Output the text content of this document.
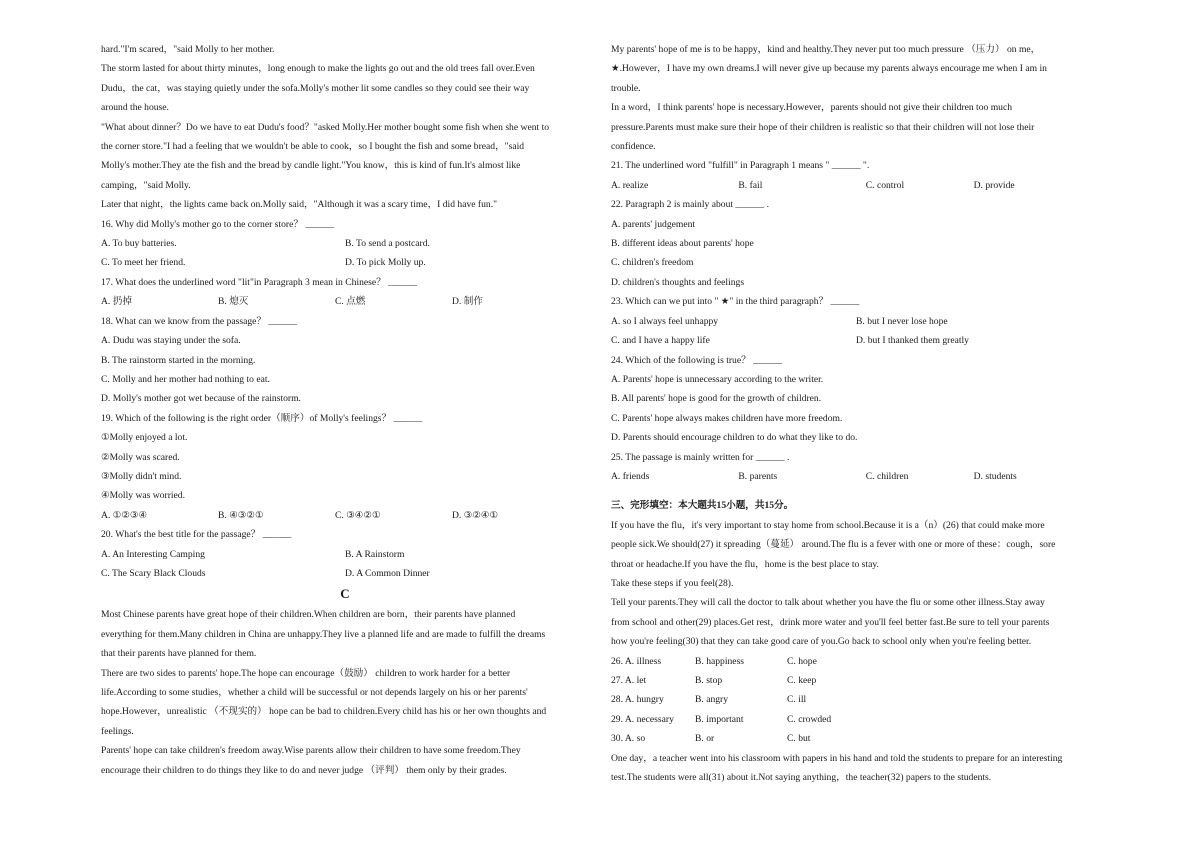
hard."I'm scared，"said Molly to her mother.

The storm lasted for about thirty minutes，long enough to make the lights go out and the old trees fall over.Even

Dudu，the cat，was staying quietly under the sofa.Molly's mother lit some candles so they could see their way

around the house.

"What about dinner？Do we have to eat Dudu's food？"asked Molly.Her mother bought some fish when she went to

the corner store."I had a feeling that we wouldn't be able to cook，so I bought the fish and some bread，"said

Molly's mother.They ate the fish and the bread by candle light."You know，this is kind of fun.It's almost like

camping，"said Molly.

Later that night，the lights came back on.Molly said，"Although it was a scary time，I did have fun."

16. Why did Molly's mother go to the corner store？ ______

A. To buy batteries.	B. To send a postcard.
C. To meet her friend.	D. To pick Molly up.

17. What does the underlined word "lit"in Paragraph 3 mean in Chinese？ ______

A. 扔掉	B. 熄灭	C. 点燃	D. 制作

18. What can we know from the passage？ ______

A. Dudu was staying under the sofa.

B. The rainstorm started in the morning.

C. Molly and her mother had nothing to eat.

D. Molly's mother got wet because of the rainstorm.

19. Which of the following is the right order（顺序）of Molly's feelings？ ______

①Molly enjoyed a lot.

②Molly was scared.

③Molly didn't mind.

④Molly was worried.

A. ①②③④	B. ④③②①	C. ③④②①	D. ③②④①

20. What's the best title for the passage？ ______

A. An Interesting Camping	B. A Rainstorm
C. The Scary Black Clouds	D. A Common Dinner
C

Most Chinese parents have great hope of their children.When children are born，their parents have planned

everything for them.Many children in China are unhappy.They live a planned life and are made to fulfill the dreams

that their parents have planned for them.

There are two sides to parents' hope.The hope can encourage（鼓励） children to work harder for a better

life.According to some studies，whether a child will be successful or not depends largely on his or her parents'

hope.However，unrealistic （不现实的） hope can be bad to children.Every child has his or her own thoughts and

feelings.

Parents' hope can take children's freedom away.Wise parents allow their children to have some freedom.They

encourage their children to do things they like to do and never judge （评判） them only by their grades.

My parents' hope of me is to be happy，kind and healthy.They never put too much pressure （压力） on me，

★.However，I have my own dreams.I will never give up because my parents always encourage me when I am in

trouble.

In a word，I think parents' hope is necessary.However，parents should not give their children too much

pressure.Parents must make sure their hope of their children is realistic so that their children will not lose their

confidence.

21. The underlined word "fulfill" in Paragraph 1 means " ______ ".

A. realize	B. fail	C. control	D. provide

22. Paragraph 2 is mainly about ______ .

A. parents' judgement

B. different ideas about parents' hope

C. children's freedom

D. children's thoughts and feelings

23. Which can we put into " ★" in the third paragraph？ ______

A. so I always feel unhappy	B. but I never lose hope
C. and I have a happy life	D. but I thanked them greatly

24. Which of the following is true？ ______

A. Parents' hope is unnecessary according to the writer.

B. All parents' hope is good for the growth of children.

C. Parents' hope always makes children have more freedom.

D. Parents should encourage children to do what they like to do.

25. The passage is mainly written for ______ .

A. friends	B. parents	C. children	D. students

三、完形填空：本大题共15小题，共15分。

If you have the flu，it's very important to stay home from school.Because it is a（n）(26) that could make more

people sick.We should(27) it spreading（蔓延） around.The flu is a fever with one or more of these：cough，sore

throat or headache.If you have the flu，home is the best place to stay.

Take these steps if you feel(28).

Tell your parents.They will call the doctor to talk about whether you have the flu or some other illness.Stay away

from school and other(29) places.Get rest，drink more water and you'll feel better fast.Be sure to tell your parents

how you're feeling(30) that they can take good care of you.Go back to school only when you're feeling better.

26. A. illness	B. happiness	C. hope
27. A. let	B. stop	C. keep
28. A. hungry	B. angry	C. ill
29. A. necessary	B. important	C. crowded
30. A. so	B. or	C. but

One day，a teacher went into his classroom with papers in his hand and told the students to prepare for an interesting

test.The students were all(31) about it.Not saying anything，the teacher(32) papers to the students.
